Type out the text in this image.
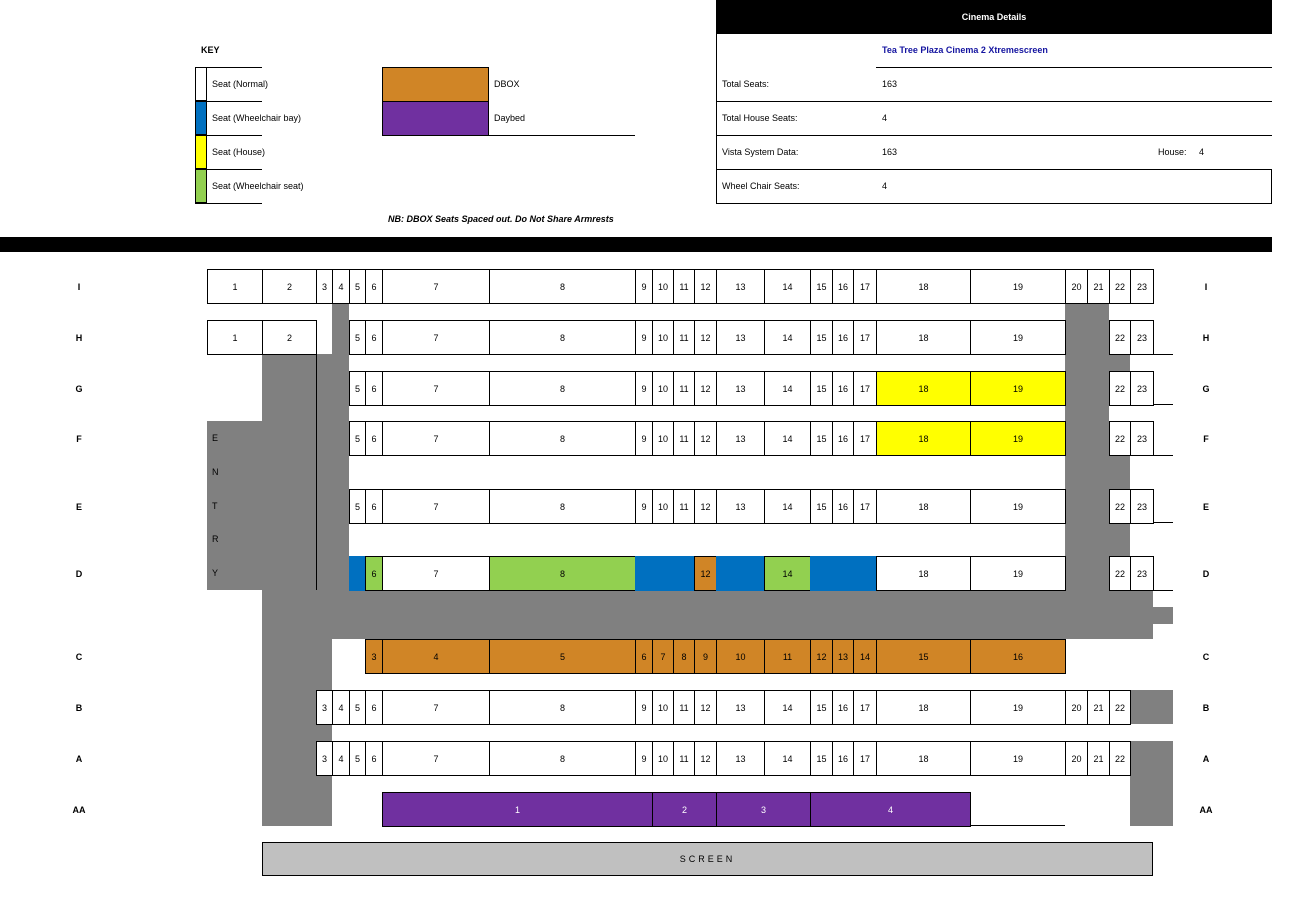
KEY
Seat (Normal)
Seat (Wheelchair bay)
Seat (House)
Seat (Wheelchair seat)
DBOX
Daybed
NB: DBOX Seats Spaced out. Do Not Share Armrests
Cinema Details
Tea Tree Plaza Cinema 2 Xtremescreen
Total Seats:	163
Total House Seats:	4
Vista System Data:	163	House: 4
Wheel Chair Seats:	4
E
N
T
R
Y
I	I
1	2	3	4	5	6	7	8	9	10	11	12	13	14	15	16	17	18	19	20	21	22	23
H	H
1	2	5	6	7	8	9	10	11	12	13	14	15	16	17	18	19	22	23
G	G
5	6	7	8	9	10	11	12	13	14	15	16	17	18	19	22	23
F	F
5	6	7	8	9	10	11	12	13	14	15	16	17	18	19	22	23
E	E
5	6	7	8	9	10	11	12	13	14	15	16	17	18	19	22	23
D	D
6	7	8	12	14	18	19	22	23
C	C
3	4	5	6	7	8	9	10	11	12	13	14	15	16
B	B
3	4	5	6	7	8	9	10	11	12	13	14	15	16	17	18	19	20	21	22
A	A
3	4	5	6	7	8	9	10	11	12	13	14	15	16	17	18	19	20	21	22
AA	AA
1	2	3	4
SCREEN
